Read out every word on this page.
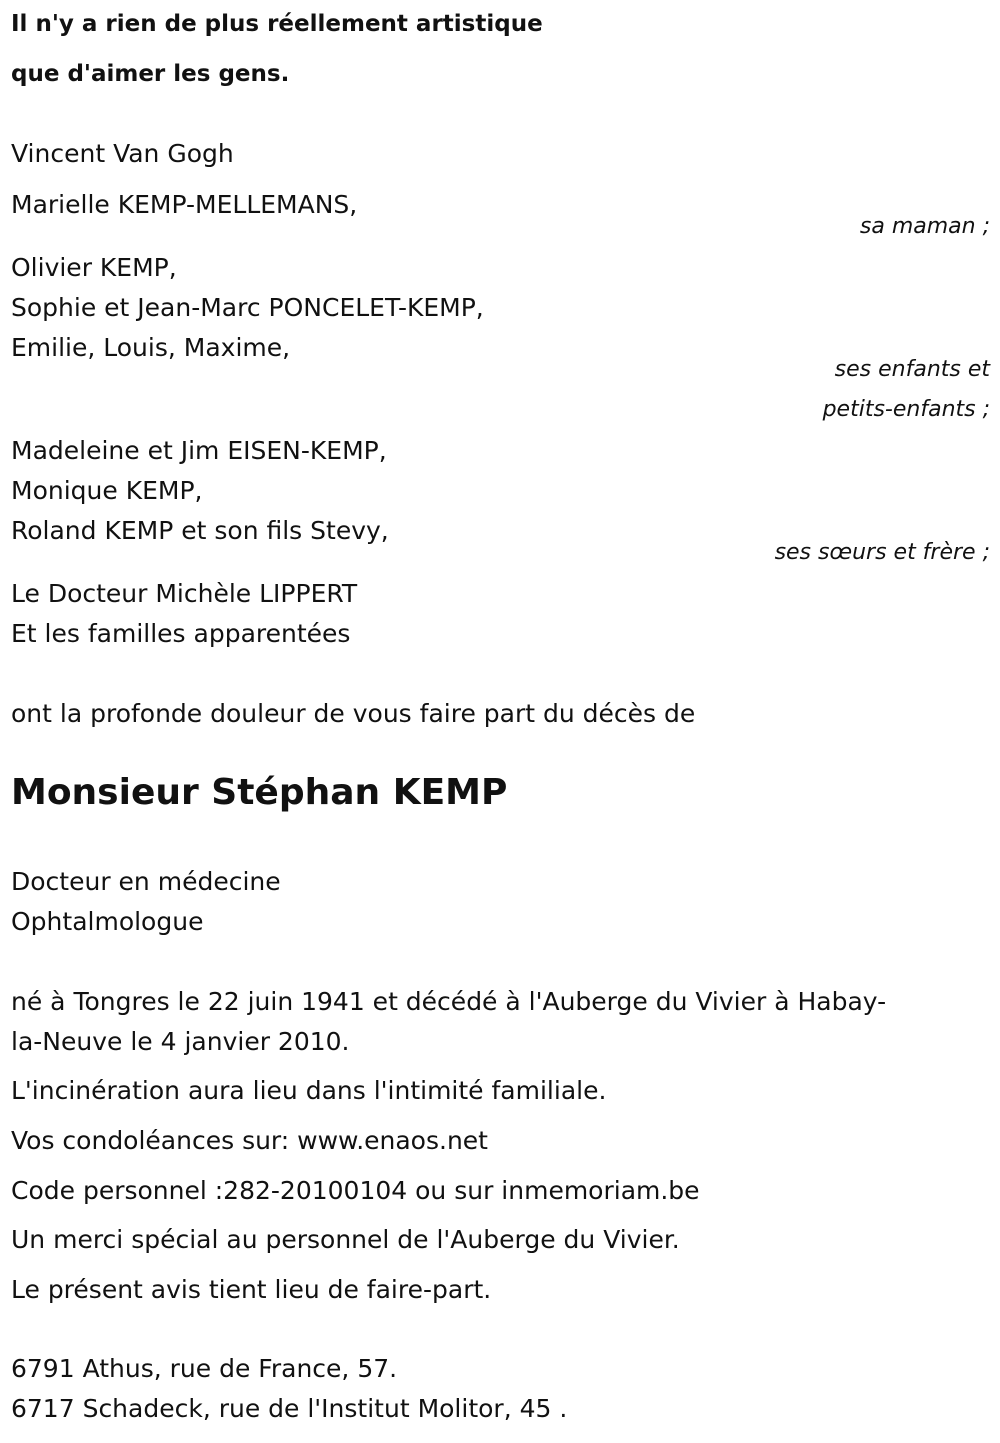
Il n'y a rien de plus réellement artistique
que d'aimer les gens.
Vincent Van Gogh
Marielle KEMP-MELLEMANS,
sa maman ;
Olivier KEMP,
Sophie et Jean-Marc PONCELET-KEMP,
Emilie, Louis, Maxime,
ses enfants et
petits-enfants ;
Madeleine et Jim EISEN-KEMP,
Monique KEMP,
Roland KEMP et son fils Stevy,
ses sœurs et frère ;
Le Docteur Michèle LIPPERT
Et les familles apparentées
ont la profonde douleur de vous faire part du décès de
Monsieur Stéphan KEMP
Docteur en médecine
Ophtalmologue
né à Tongres le 22 juin 1941 et décédé à l'Auberge du Vivier à Habay-
la-Neuve le 4 janvier 2010.
L'incinération aura lieu dans l'intimité familiale.
Vos condoléances sur: www.enaos.net
Code personnel :282-20100104 ou sur inmemoriam.be
Un merci spécial au personnel de l'Auberge du Vivier.
Le présent avis tient lieu de faire-part.
6791 Athus, rue de France, 57.
6717 Schadeck, rue de l'Institut Molitor, 45 .
